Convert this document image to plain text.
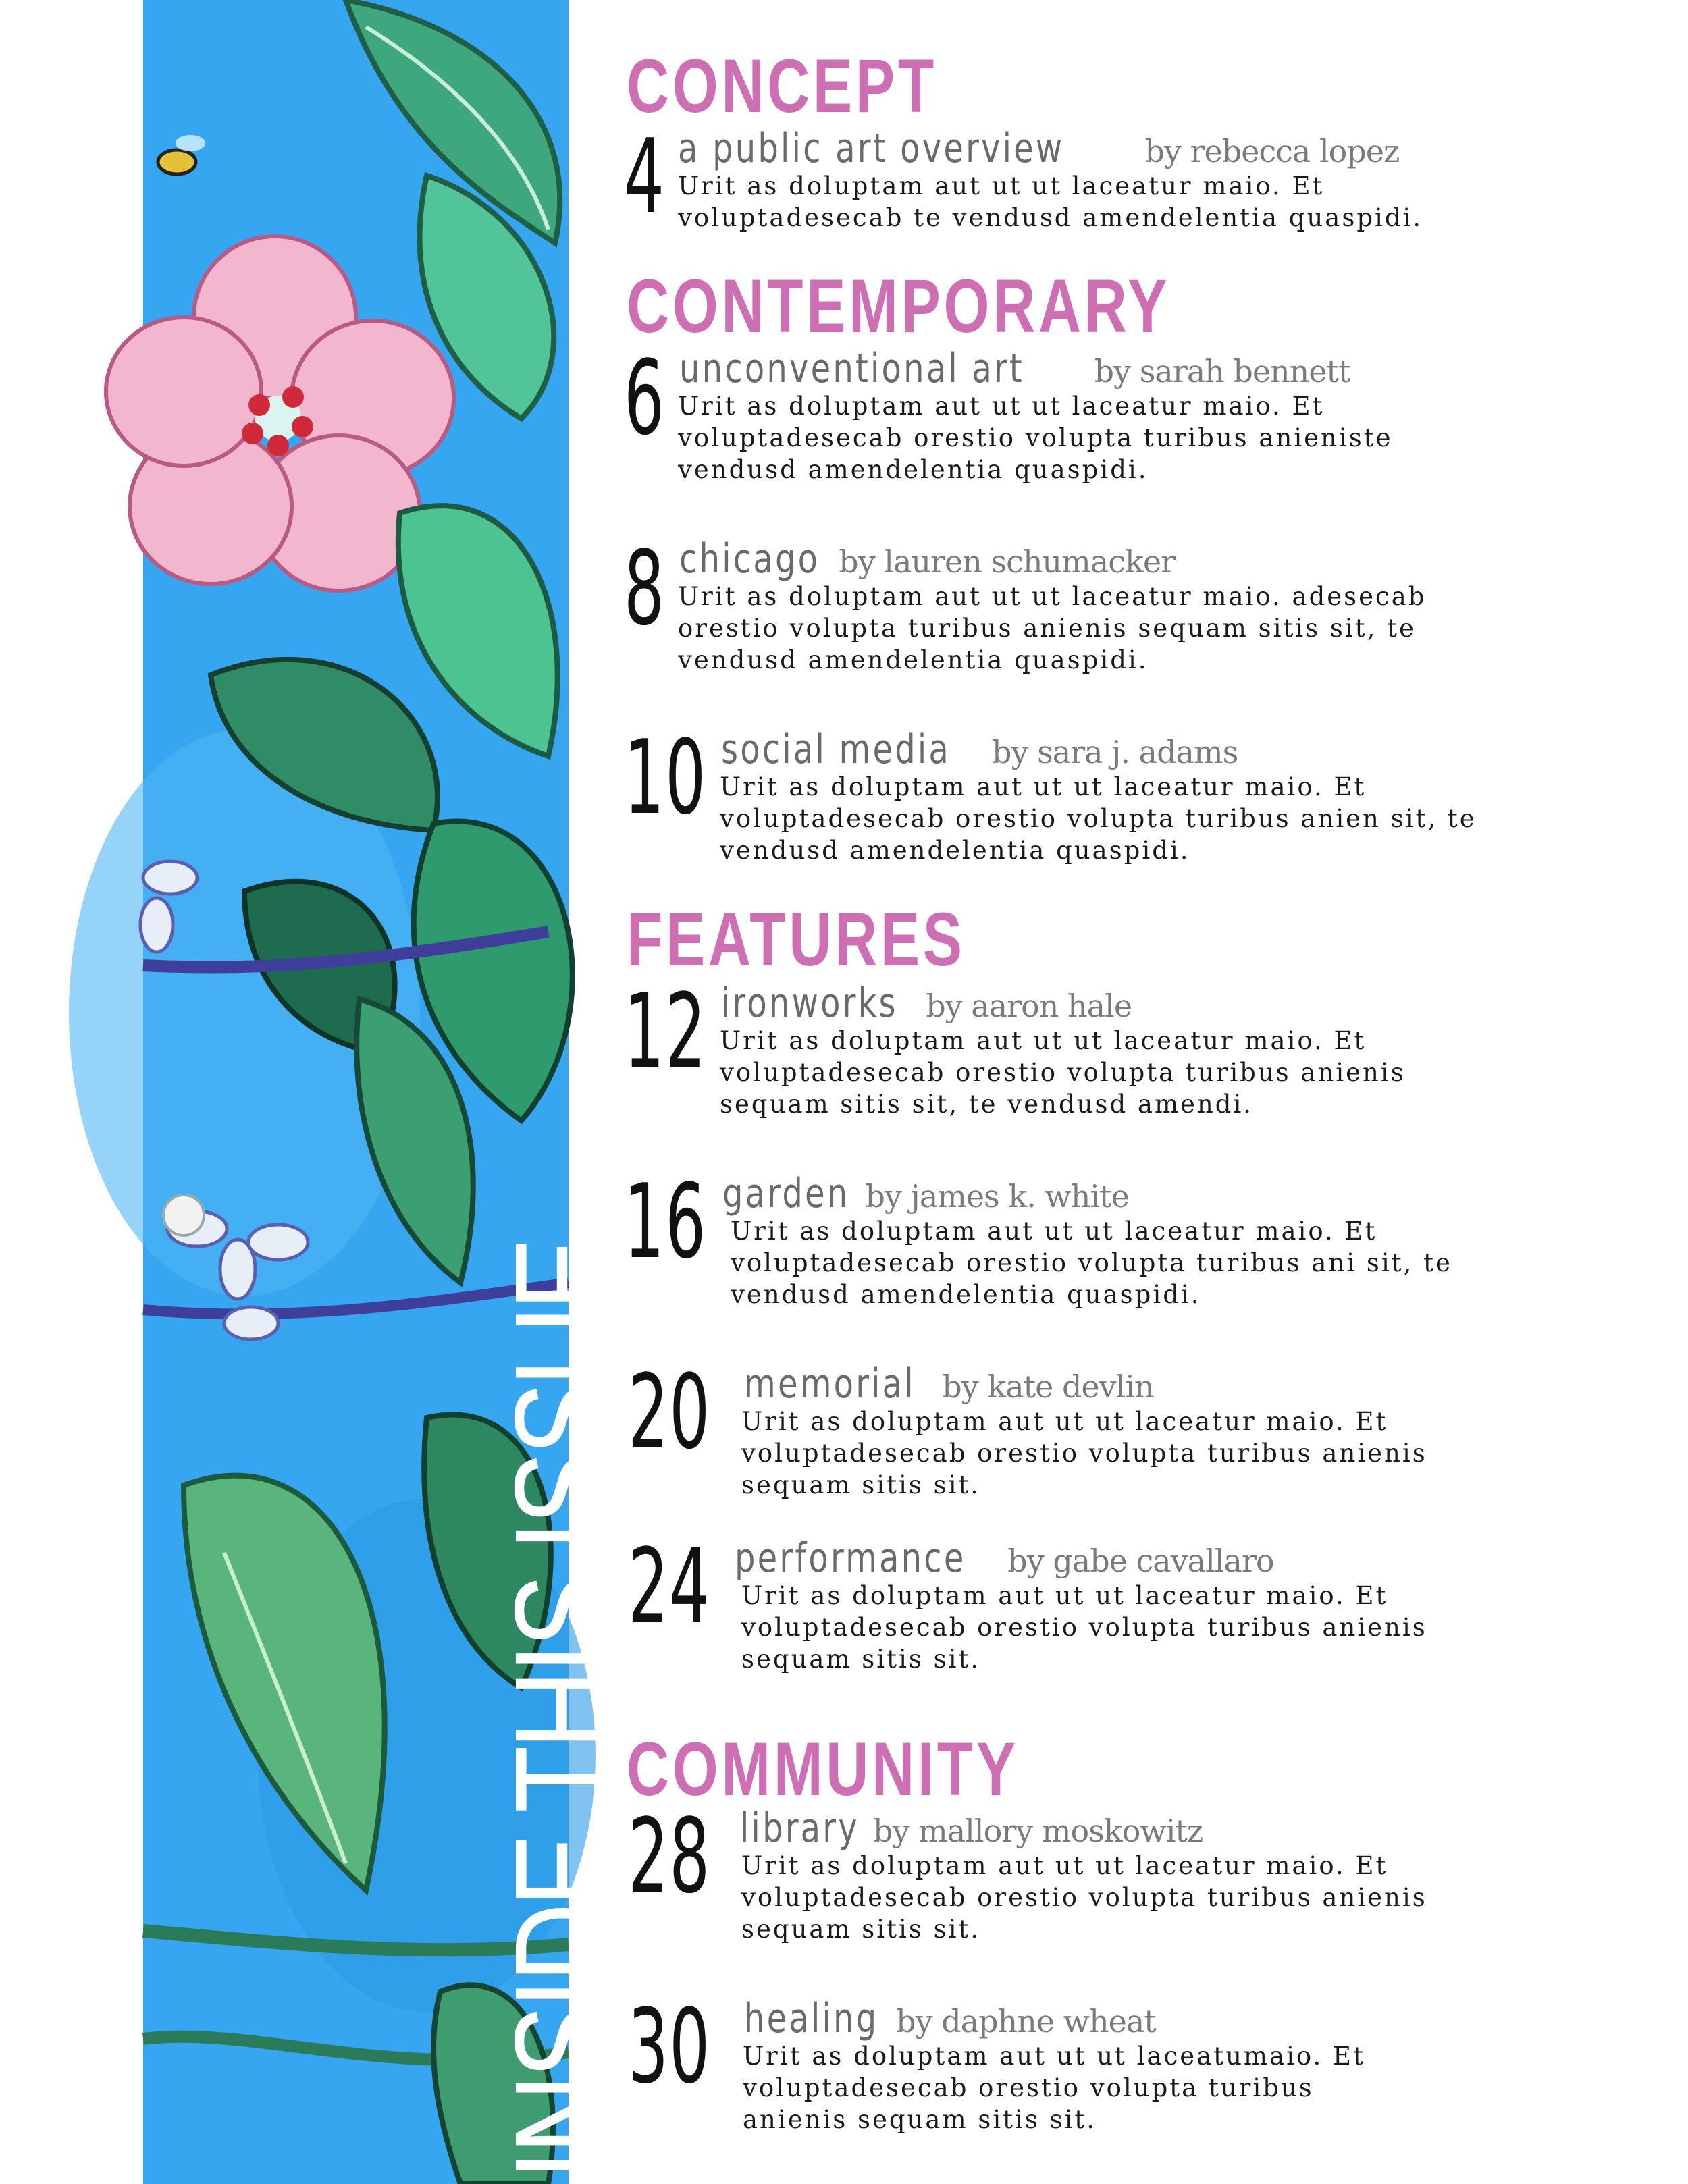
INSIDE THIS ISSUE
CONCEPT
CONTEMPORARY
FEATURES
COMMUNITY
4 a public art overview	by rebecca lopez

Urit as doluptam aut ut ut laceatur maio. Et voluptadesecab te vendusd amendelentia quaspidi.

6 unconventional art by sarah bennett

Urit as doluptam aut ut ut laceatur maio. Et voluptadesecab orestio volupta turibus anieniste vendusd amendelentia quaspidi.

8 chicago by lauren schumacker

Urit as doluptam aut ut ut laceatur maio. adesecab orestio volupta turibus anienis sequam sitis sit, te vendusd amendelentia quaspidi.

10 social media by sara j. adams

Urit as doluptam aut ut ut laceatur maio. Et voluptadesecab orestio volupta turibus anien sit, te vendusd amendelentia quaspidi.

12 ironworks by aaron hale

Urit as doluptam aut ut ut laceatur maio. Et voluptadesecab orestio volupta turibus anienis sequam sitis sit, te vendusd amendi.

16 garden by james k. white

Urit as doluptam aut ut ut laceatur maio. Et voluptadesecab orestio volupta turibus ani sit, te vendusd amendelentia quaspidi.

20 memorial by kate devlin

Urit as doluptam aut ut ut laceatur maio. Et voluptadesecab orestio volupta turibus anienis sequam sitis sit.

24 performance by gabe cavallaro

Urit as doluptam aut ut ut laceatur maio. Et voluptadesecab orestio volupta turibus anienis sequam sitis sit.

28 library by mallory moskowitz

Urit as doluptam aut ut ut laceatur maio. Et voluptadesecab orestio volupta turibus anienis sequam sitis sit.

30 healing by daphne wheat

Urit as doluptam aut ut ut laceatumaio. Et voluptadesecab orestio volupta turibus anienis sequam sitis sit.
